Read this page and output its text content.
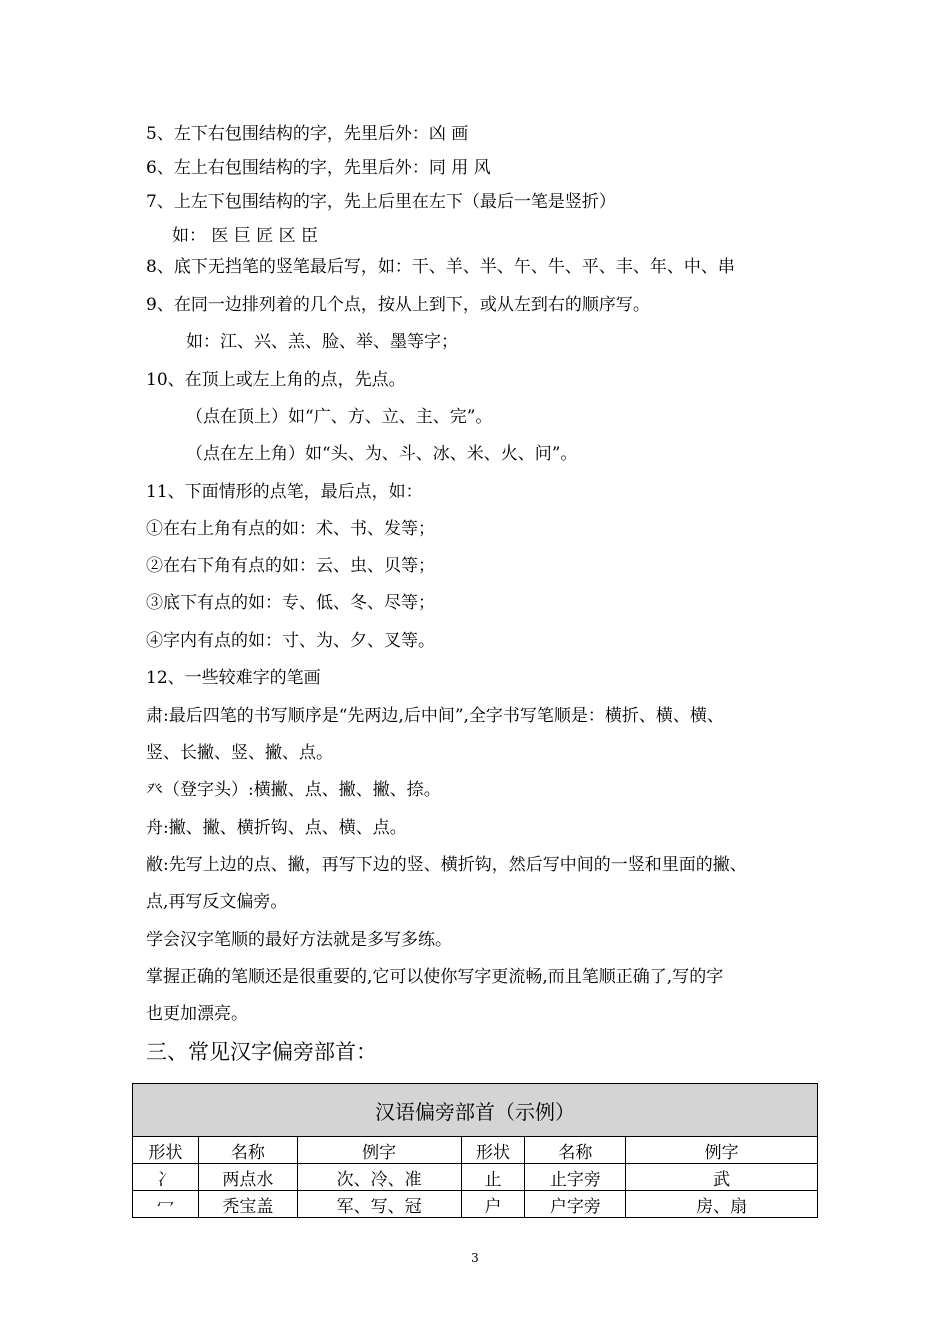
5、左下右包围结构的字，先里后外：凶 画
6、左上右包围结构的字，先里后外：同 用 风
7、上左下包围结构的字，先上后里在左下（最后一笔是竖折）
如： 医 巨 匠 区 臣
8、底下无挡笔的竖笔最后写，如：干、羊、半、午、牛、平、丰、年、中、串
9、在同一边排列着的几个点，按从上到下，或从左到右的顺序写。
如：江、兴、羔、脸、举、墨等字；
10、在顶上或左上角的点，先点。
（点在顶上）如“广、方、立、主、完”。
（点在左上角）如“头、为、斗、冰、米、火、问”。
11、下面情形的点笔，最后点，如：
①在右上角有点的如：术、书、发等；
②在右下角有点的如：云、虫、贝等；
③底下有点的如：专、低、冬、尽等；
④字内有点的如：寸、为、夕、叉等。
12、一些较难字的笔画
肃:最后四笔的书写顺序是“先两边,后中间”,全字书写笔顺是：横折、横、横、
竖、长撇、竖、撇、点。
癶（登字头）:横撇、点、撇、撇、捺。
舟:撇、撇、横折钩、点、横、点。
敝:先写上边的点、撇，再写下边的竖、横折钩，然后写中间的一竖和里面的撇、
点,再写反文偏旁。
学会汉字笔顺的最好方法就是多写多练。
掌握正确的笔顺还是很重要的,它可以使你写字更流畅,而且笔顺正确了,写的字
也更加漂亮。
三、常见汉字偏旁部首：
汉语偏旁部首（示例）					
形状	名称	例字	形状	名称	例字
冫	两点水	次、冷、准	止	止字旁	武
冖	秃宝盖	军、写、冠	户	户字旁	房、扇
3
